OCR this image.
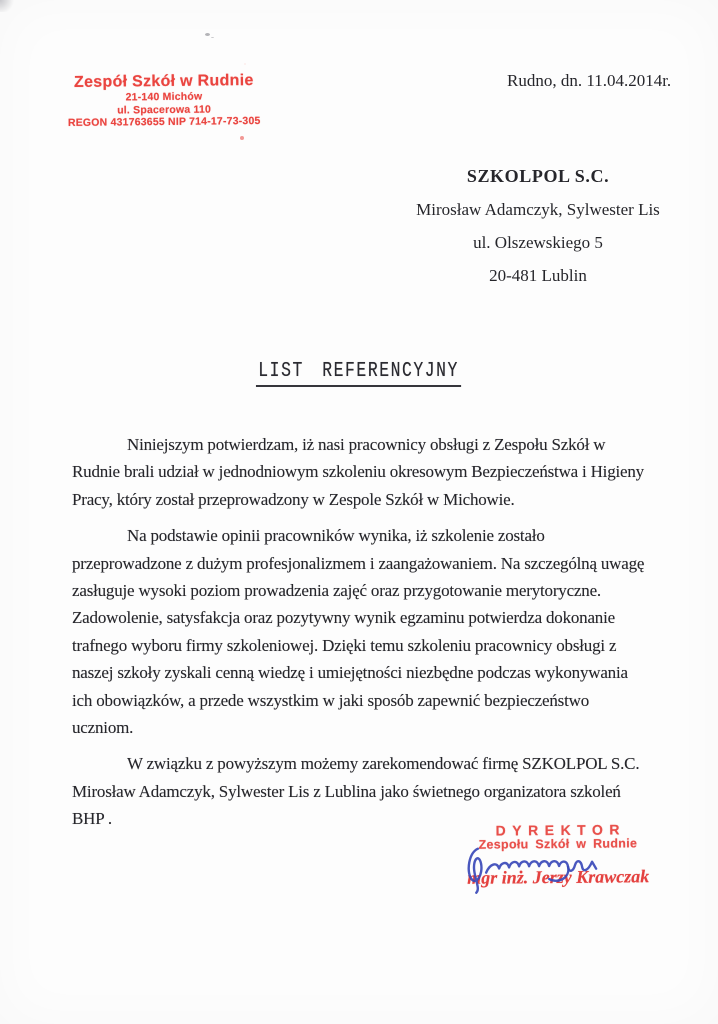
Zespół Szkół w Rudnie
21-140 Michów
ul. Spacerowa 110
REGON 431763655 NIP 714-17-73-305
Rudno, dn. 11.04.2014r.
SZKOLPOL S.C.
Mirosław Adamczyk, Sylwester Lis
ul. Olszewskiego 5
20-481 Lublin
LIST REFERENCYJNY

Niniejszym potwierdzam, iż nasi pracownicy obsługi z Zespołu Szkół w Rudnie brali udział w jednodniowym szkoleniu okresowym Bezpieczeństwa i Higieny Pracy, który został przeprowadzony w Zespole Szkół w Michowie.

Na podstawie opinii pracowników wynika, iż szkolenie zostało przeprowadzone z dużym profesjonalizmem i zaangażowaniem. Na szczególną uwagę zasługuje wysoki poziom prowadzenia zajęć oraz przygotowanie merytoryczne. Zadowolenie, satysfakcja oraz pozytywny wynik egzaminu potwierdza dokonanie trafnego wyboru firmy szkoleniowej. Dzięki temu szkoleniu pracownicy obsługi z naszej szkoły zyskali cenną wiedzę i umiejętności niezbędne podczas wykonywania ich obowiązków, a przede wszystkim w jaki sposób zapewnić bezpieczeństwo uczniom.

W związku z powyższym możemy zarekomendować firmę SZKOLPOL S.C. Mirosław Adamczyk, Sylwester Lis z Lublina jako świetnego organizatora szkoleń BHP .

DYREKTOR
Zespołu Szkół w Rudnie
mgr inż. Jerzy Krawczak
